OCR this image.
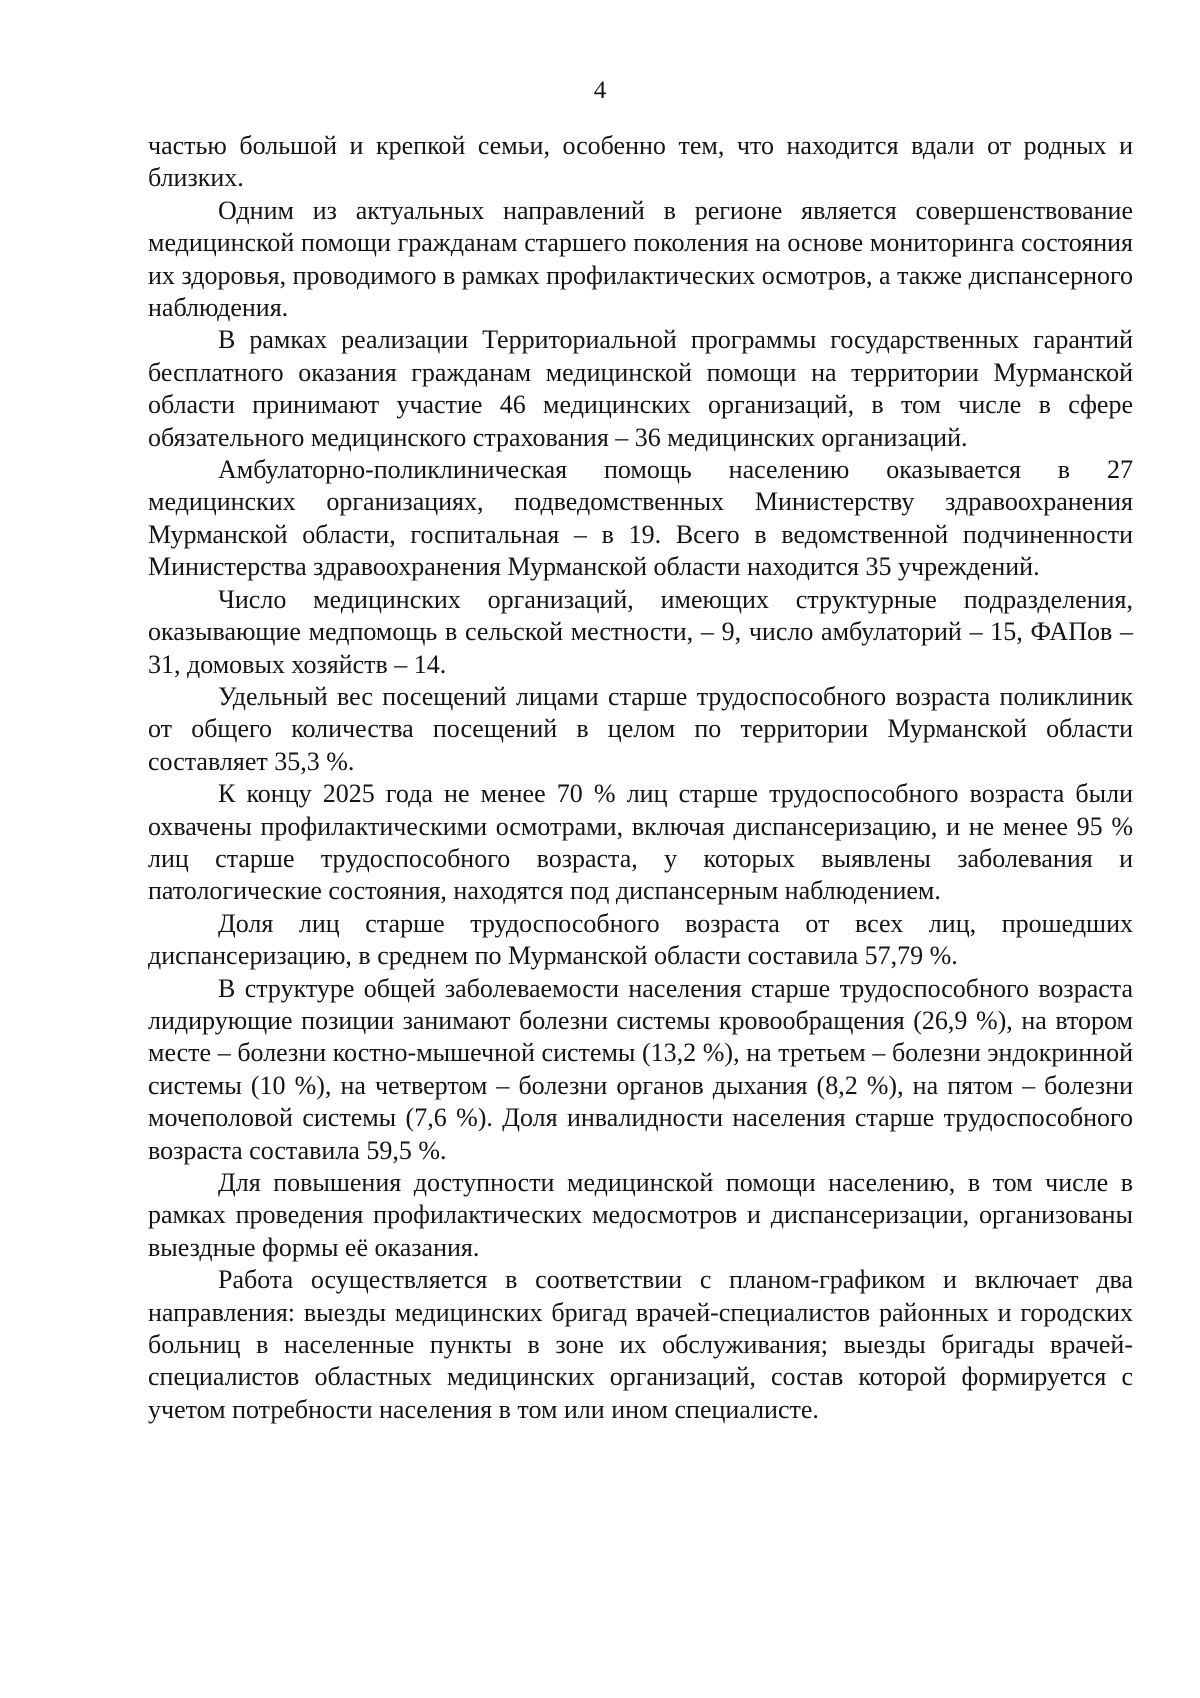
4

частью большой и крепкой семьи, особенно тем, что находится вдали от родных и близких.

Одним из актуальных направлений в регионе является совершенствование медицинской помощи гражданам старшего поколения на основе мониторинга состояния их здоровья, проводимого в рамках профилактических осмотров, а также диспансерного наблюдения.

В рамках реализации Территориальной программы государственных гарантий бесплатного оказания гражданам медицинской помощи на территории Мурманской области принимают участие 46 медицинских организаций, в том числе в сфере обязательного медицинского страхования – 36 медицинских организаций.

Амбулаторно-поликлиническая помощь населению оказывается в 27 медицинских организациях, подведомственных Министерству здравоохранения Мурманской области, госпитальная – в 19. Всего в ведомственной подчиненности Министерства здравоохранения Мурманской области находится 35 учреждений.

Число медицинских организаций, имеющих структурные подразделения, оказывающие медпомощь в сельской местности, – 9, число амбулаторий – 15, ФАПов – 31, домовых хозяйств – 14.

Удельный вес посещений лицами старше трудоспособного возраста поликлиник от общего количества посещений в целом по территории Мурманской области составляет 35,3 %.

К концу 2025 года не менее 70 % лиц старше трудоспособного возраста были охвачены профилактическими осмотрами, включая диспансеризацию, и не менее 95 % лиц старше трудоспособного возраста, у которых выявлены заболевания и патологические состояния, находятся под диспансерным наблюдением.

Доля лиц старше трудоспособного возраста от всех лиц, прошедших диспансеризацию, в среднем по Мурманской области составила 57,79 %.

В структуре общей заболеваемости населения старше трудоспособного возраста лидирующие позиции занимают болезни системы кровообращения (26,9 %), на втором месте – болезни костно-мышечной системы (13,2 %), на третьем – болезни эндокринной системы (10 %), на четвертом – болезни органов дыхания (8,2 %), на пятом – болезни мочеполовой системы (7,6 %). Доля инвалидности населения старше трудоспособного возраста составила 59,5 %.

Для повышения доступности медицинской помощи населению, в том числе в рамках проведения профилактических медосмотров и диспансеризации, организованы выездные формы её оказания.

Работа осуществляется в соответствии с планом-графиком и включает два направления: выезды медицинских бригад врачей-специалистов районных и городских больниц в населенные пункты в зоне их обслуживания; выезды бригады врачей-специалистов областных медицинских организаций, состав которой формируется с учетом потребности населения в том или ином специалисте.
